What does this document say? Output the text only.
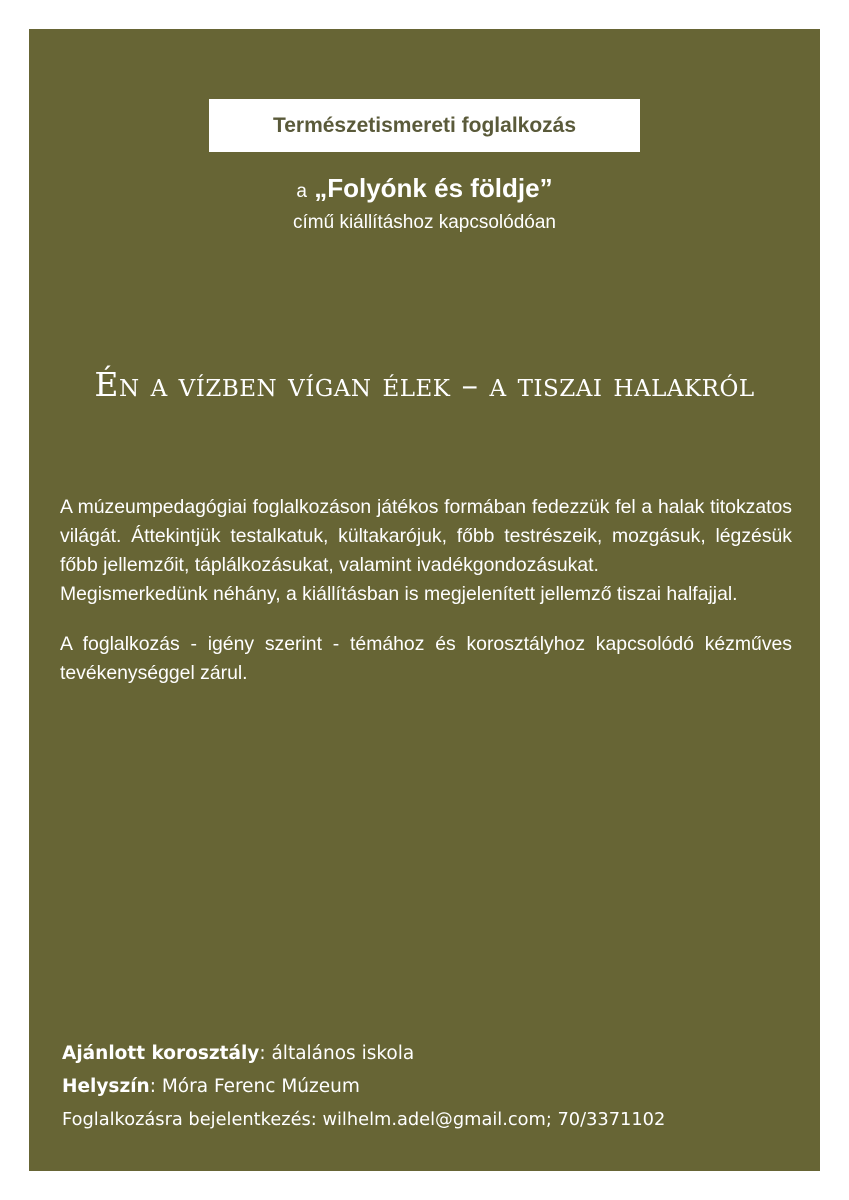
Természetismereti foglalkozás
a „Folyónk és földje”
című kiállításhoz kapcsolódóan
Én a vízben vígan élek – a tiszai halakról

A múzeumpedagógiai foglalkozáson játékos formában fedezzük fel a halak titokzatos világát. Áttekintjük testalkatuk, kültakarójuk, főbb testrészeik, mozgásuk, légzésük főbb jellemzőit, táplálkozásukat, valamint ivadékgondozásukat.

Megismerkedünk néhány, a kiállításban is megjelenített jellemző tiszai halfajjal.

A foglalkozás - igény szerint - témához és korosztályhoz kapcsolódó kézműves tevékenységgel zárul.

Ajánlott korosztály: általános iskola
Helyszín: Móra Ferenc Múzeum
Foglalkozásra bejelentkezés: wilhelm.adel@gmail.com; 70/3371102
